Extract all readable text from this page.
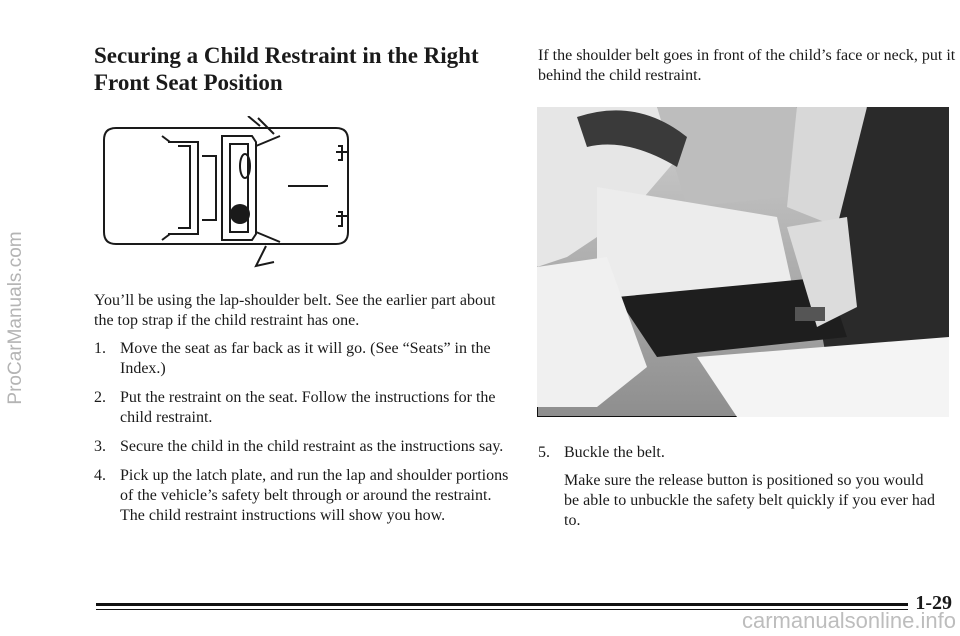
ProCarManuals.com
Securing a Child Restraint in the Right Front Seat Position

You’ll be using the lap-shoulder belt. See the earlier part about the top strap if the child restraint has one.

1. Move the seat as far back as it will go. (See “Seats” in the Index.)
2. Put the restraint on the seat. Follow the instructions for the child restraint.
3. Secure the child in the child restraint as the instructions say.
4. Pick up the latch plate, and run the lap and shoulder portions of the vehicle’s safety belt through or around the restraint. The child restraint instructions will show you how.

If the shoulder belt goes in front of the child’s face or neck, put it behind the child restraint.

5. Buckle the belt.
Make sure the release button is positioned so you would be able to unbuckle the safety belt quickly if you ever had to.
1-29
carmanualsonline.info
